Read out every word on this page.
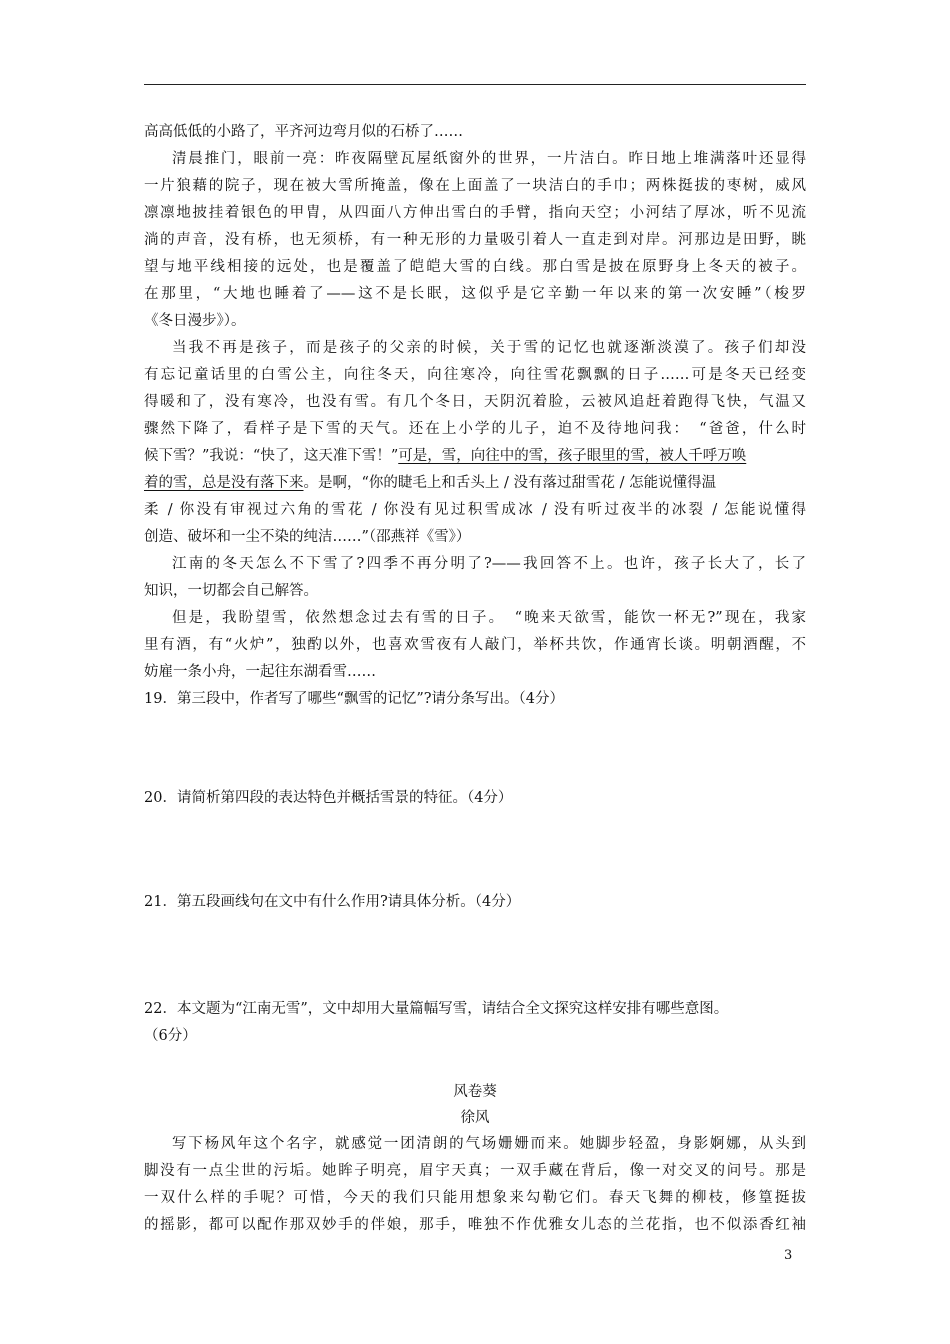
高高低低的小路了，平齐河边弯月似的石桥了……
清晨推门，眼前一亮：昨夜隔壁瓦屋纸窗外的世界，一片洁白。昨日地上堆满落叶还显得
一片狼藉的院子，现在被大雪所掩盖，像在上面盖了一块洁白的手巾；两株挺拔的枣树，威风
凛凛地披挂着银色的甲胄，从四面八方伸出雪白的手臂，指向天空；小河结了厚冰，听不见流
淌的声音，没有桥，也无须桥，有一种无形的力量吸引着人一直走到对岸。河那边是田野，眺
望与地平线相接的远处，也是覆盖了皑皑大雪的白线。那白雪是披在原野身上冬天的被子。
在那里，“大地也睡着了——这不是长眠，这似乎是它辛勤一年以来的第一次安睡”（梭罗
《冬日漫步》）。
当我不再是孩子，而是孩子的父亲的时候，关于雪的记忆也就逐渐淡漠了。孩子们却没
有忘记童话里的白雪公主，向往冬天，向往寒冷，向往雪花飘飘的日子……可是冬天已经变
得暖和了，没有寒冷，也没有雪。有几个冬日，天阴沉着脸，云被风追赶着跑得飞快，气温又
骤然下降了，看样子是下雪的天气。还在上小学的儿子，迫不及待地问我：　“爸爸，什么时
候下雪？”我说：“快了，这天准下雪！”可是，雪，向往中的雪，孩子眼里的雪，被人千呼万唤
着的雪，总是没有落下来。是啊，“你的睫毛上和舌头上 / 没有落过甜雪花 / 怎能说懂得温
柔 / 你没有审视过六角的雪花 / 你没有见过积雪成冰 / 没有听过夜半的冰裂 / 怎能说懂得
创造、破坏和一尘不染的纯洁……”（邵燕祥《雪》）
江南的冬天怎么不下雪了?四季不再分明了?——我回答不上。也许，孩子长大了，长了
知识，一切都会自己解答。
但是，我盼望雪，依然想念过去有雪的日子。　“晚来天欲雪，能饮一杯无?”现在，我家
里有酒，有“火炉”，独酌以外，也喜欢雪夜有人敲门，举杯共饮，作通宵长谈。明朝酒醒，不
妨雇一条小舟，一起往东湖看雪……
19．第三段中，作者写了哪些“飘雪的记忆”?请分条写出。（4分）
20．请简析第四段的表达特色并概括雪景的特征。（4分）
21．第五段画线句在文中有什么作用?请具体分析。（4分）
22．本文题为“江南无雪”，文中却用大量篇幅写雪，请结合全文探究这样安排有哪些意图。
（6分）
风卷葵
徐风
写下杨风年这个名字，就感觉一团清朗的气场姗姗而来。她脚步轻盈，身影婀娜，从头到
脚没有一点尘世的污垢。她眸子明亮，眉宇天真；一双手藏在背后，像一对交叉的问号。那是
一双什么样的手呢？可惜，今天的我们只能用想象来勾勒它们。春天飞舞的柳枝，修篁挺拔
的摇影，都可以配作那双妙手的伴娘，那手，唯独不作优雅女儿态的兰花指，也不似添香红袖
3
